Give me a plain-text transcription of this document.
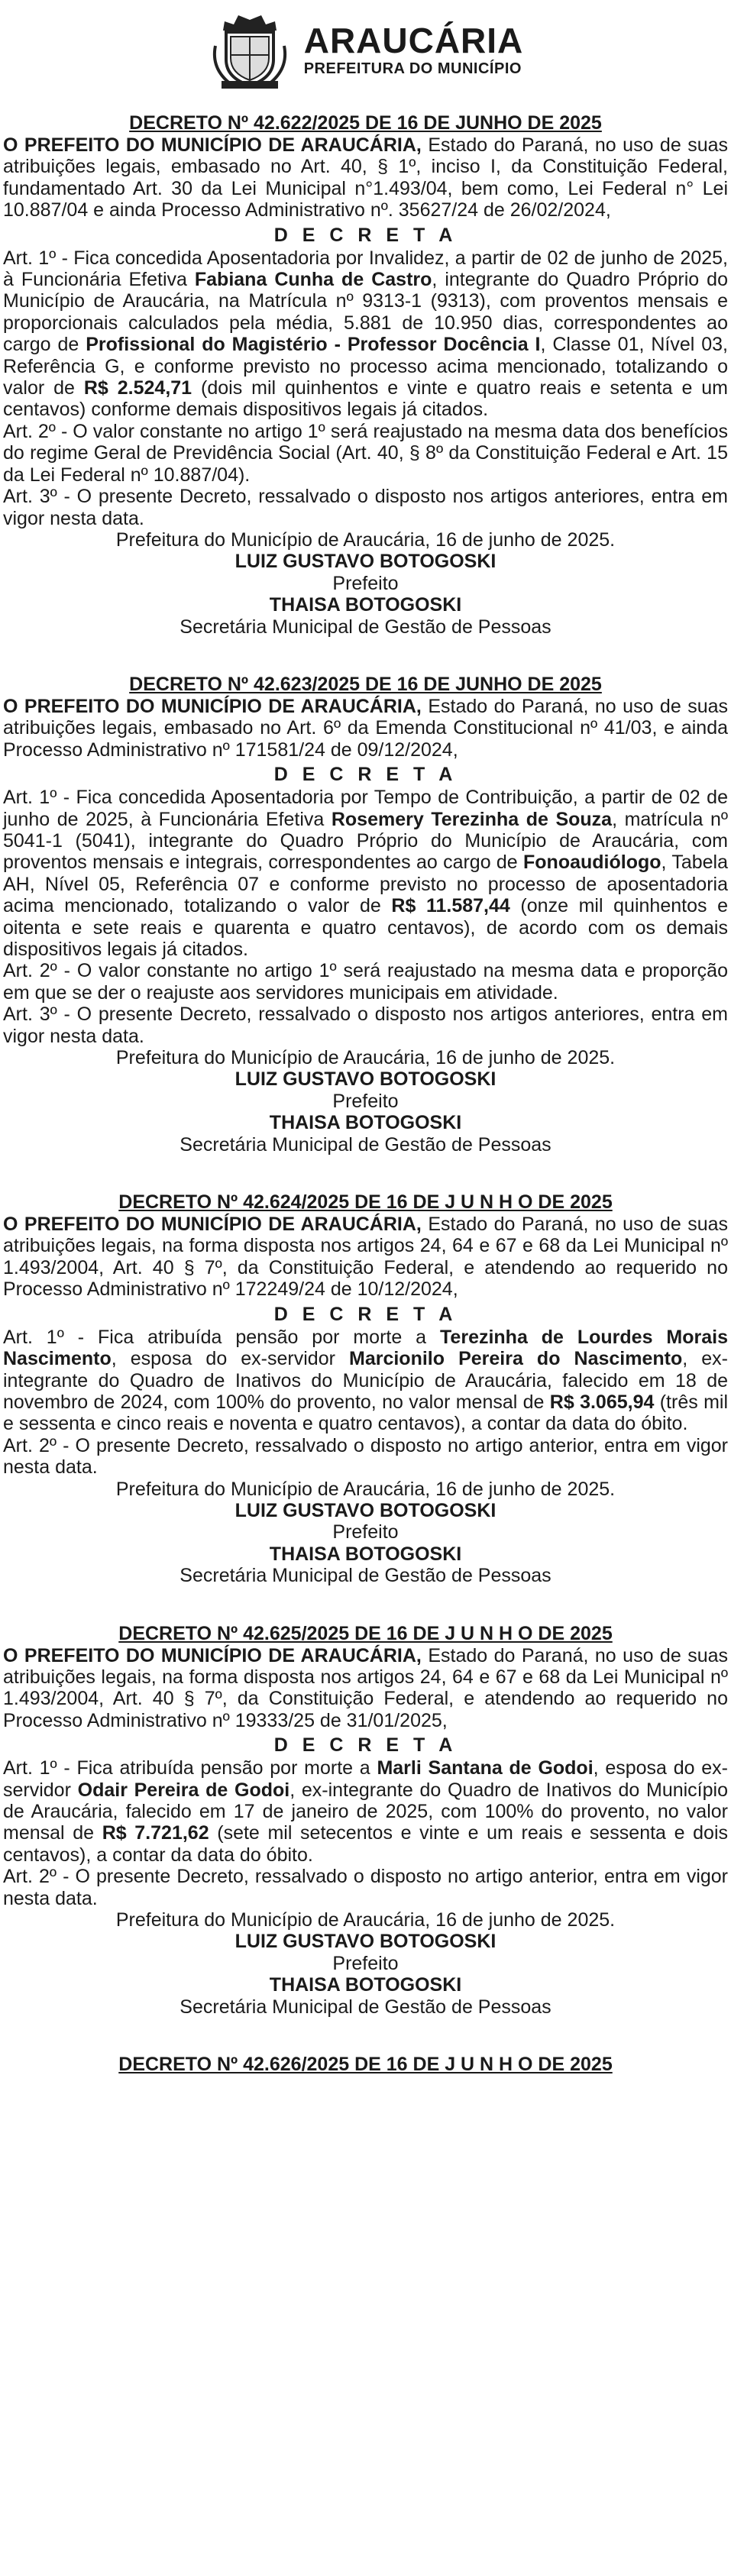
ARAUCÁRIA
PREFEITURA DO MUNICÍPIO

DECRETO Nº 42.622/2025 DE 16 DE JUNHO DE 2025

O PREFEITO DO MUNICÍPIO DE ARAUCÁRIA, Estado do Paraná, no uso de suas atribuições legais, embasado no Art. 40, § 1º, inciso I, da Constituição Federal, fundamentado Art. 30 da Lei Municipal n°1.493/04, bem como, Lei Federal n° Lei 10.887/04 e ainda Processo Administrativo nº. 35627/24 de 26/02/2024,

D E C R E T A

Art. 1º - Fica concedida Aposentadoria por Invalidez, a partir de 02 de junho de 2025, à Funcionária Efetiva Fabiana Cunha de Castro, integrante do Quadro Próprio do Município de Araucária, na Matrícula nº 9313-1 (9313), com proventos mensais e proporcionais calculados pela média, 5.881 de 10.950 dias, correspondentes ao cargo de Profissional do Magistério - Professor Docência I, Classe 01, Nível 03, Referência G, e conforme previsto no processo acima mencionado, totalizando o valor de R$ 2.524,71 (dois mil quinhentos e vinte e quatro reais e setenta e um centavos) conforme demais dispositivos legais já citados.

Art. 2º - O valor constante no artigo 1º será reajustado na mesma data dos benefícios do regime Geral de Previdência Social (Art. 40, § 8º da Constituição Federal e Art. 15 da Lei Federal nº 10.887/04).

Art. 3º - O presente Decreto, ressalvado o disposto nos artigos anteriores, entra em vigor nesta data.

Prefeitura do Município de Araucária, 16 de junho de 2025.

LUIZ GUSTAVO BOTOGOSKI

Prefeito

THAISA BOTOGOSKI

Secretária Municipal de Gestão de Pessoas

DECRETO Nº 42.623/2025 DE 16 DE JUNHO DE 2025

O PREFEITO DO MUNICÍPIO DE ARAUCÁRIA, Estado do Paraná, no uso de suas atribuições legais, embasado no Art. 6º da Emenda Constitucional nº 41/03, e ainda Processo Administrativo nº 171581/24 de 09/12/2024,

D E C R E T A

Art. 1º - Fica concedida Aposentadoria por Tempo de Contribuição, a partir de 02 de junho de 2025, à Funcionária Efetiva Rosemery Terezinha de Souza, matrícula nº 5041-1 (5041), integrante do Quadro Próprio do Município de Araucária, com proventos mensais e integrais, correspondentes ao cargo de Fonoaudiólogo, Tabela AH, Nível 05, Referência 07 e conforme previsto no processo de aposentadoria acima mencionado, totalizando o valor de R$ 11.587,44 (onze mil quinhentos e oitenta e sete reais e quarenta e quatro centavos), de acordo com os demais dispositivos legais já citados.

Art. 2º - O valor constante no artigo 1º será reajustado na mesma data e proporção em que se der o reajuste aos servidores municipais em atividade.

Art. 3º - O presente Decreto, ressalvado o disposto nos artigos anteriores, entra em vigor nesta data.

Prefeitura do Município de Araucária, 16 de junho de 2025.

LUIZ GUSTAVO BOTOGOSKI

Prefeito

THAISA BOTOGOSKI

Secretária Municipal de Gestão de Pessoas

DECRETO Nº 42.624/2025 DE 16 DE J U N H O DE 2025

O PREFEITO DO MUNICÍPIO DE ARAUCÁRIA, Estado do Paraná, no uso de suas atribuições legais, na forma disposta nos artigos 24, 64 e 67 e 68 da Lei Municipal nº 1.493/2004, Art. 40 § 7º, da Constituição Federal, e atendendo ao requerido no Processo Administrativo nº 172249/24 de 10/12/2024,

D E C R E T A

Art. 1º - Fica atribuída pensão por morte a Terezinha de Lourdes Morais Nascimento, esposa do ex-servidor Marcionilo Pereira do Nascimento, ex-integrante do Quadro de Inativos do Município de Araucária, falecido em 18 de novembro de 2024, com 100% do provento, no valor mensal de R$ 3.065,94 (três mil e sessenta e cinco reais e noventa e quatro centavos), a contar da data do óbito.

Art. 2º - O presente Decreto, ressalvado o disposto no artigo anterior, entra em vigor nesta data.

Prefeitura do Município de Araucária, 16 de junho de 2025.

LUIZ GUSTAVO BOTOGOSKI

Prefeito

THAISA BOTOGOSKI

Secretária Municipal de Gestão de Pessoas

DECRETO Nº 42.625/2025 DE 16 DE J U N H O DE 2025

O PREFEITO DO MUNICÍPIO DE ARAUCÁRIA, Estado do Paraná, no uso de suas atribuições legais, na forma disposta nos artigos 24, 64 e 67 e 68 da Lei Municipal nº 1.493/2004, Art. 40 § 7º, da Constituição Federal, e atendendo ao requerido no Processo Administrativo nº 19333/25 de 31/01/2025,

D E C R E T A

Art. 1º - Fica atribuída pensão por morte a Marli Santana de Godoi, esposa do ex-servidor Odair Pereira de Godoi, ex-integrante do Quadro de Inativos do Município de Araucária, falecido em 17 de janeiro de 2025, com 100% do provento, no valor mensal de R$ 7.721,62 (sete mil setecentos e vinte e um reais e sessenta e dois centavos), a contar da data do óbito.

Art. 2º - O presente Decreto, ressalvado o disposto no artigo anterior, entra em vigor nesta data.

Prefeitura do Município de Araucária, 16 de junho de 2025.

LUIZ GUSTAVO BOTOGOSKI

Prefeito

THAISA BOTOGOSKI

Secretária Municipal de Gestão de Pessoas

DECRETO Nº 42.626/2025 DE 16 DE J U N H O DE 2025
